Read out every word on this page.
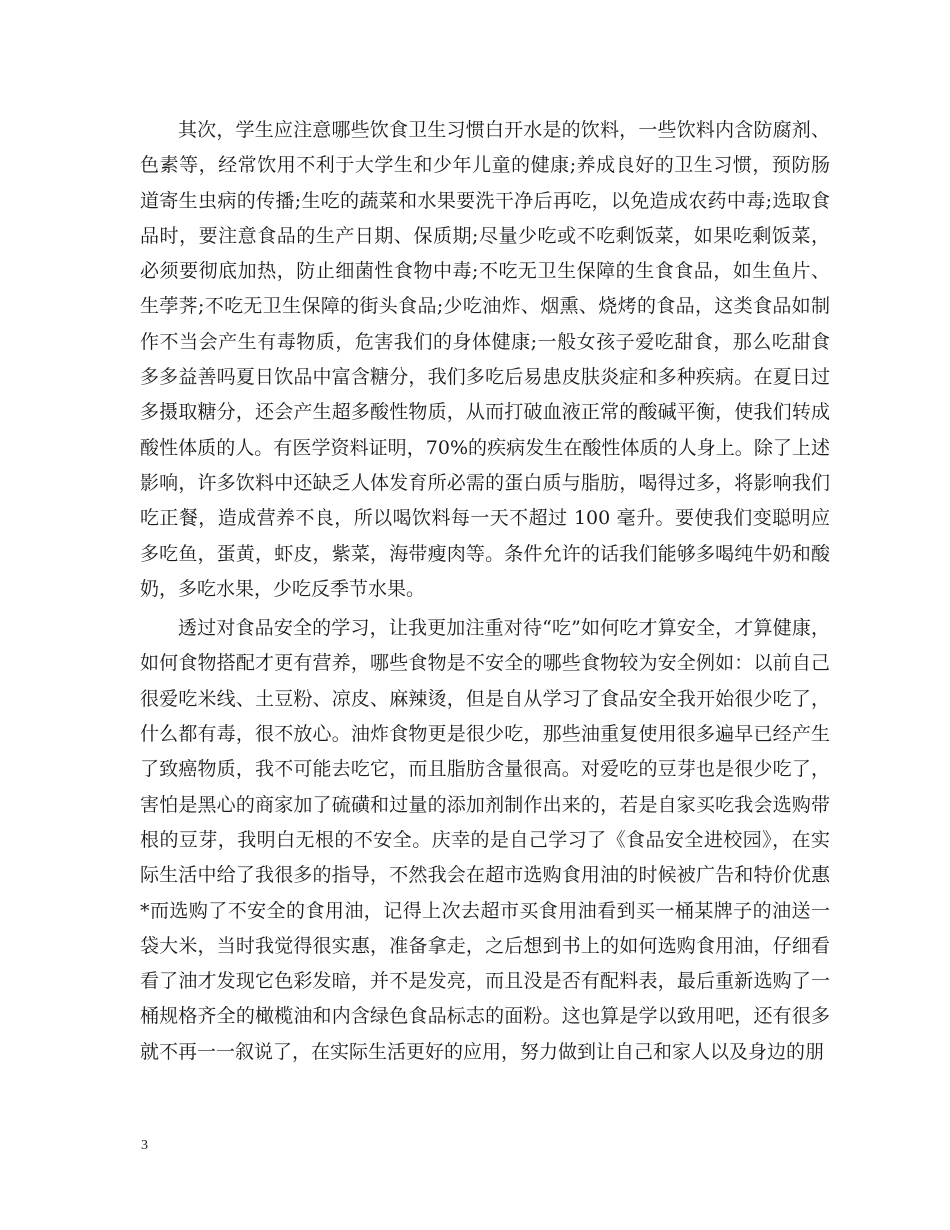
其次，学生应注意哪些饮食卫生习惯白开水是的饮料，一些饮料内含防腐剂、色素等，经常饮用不利于大学生和少年儿童的健康;养成良好的卫生习惯，预防肠道寄生虫病的传播;生吃的蔬菜和水果要洗干净后再吃，以免造成农药中毒;选取食品时，要注意食品的生产日期、保质期;尽量少吃或不吃剩饭菜，如果吃剩饭菜，必须要彻底加热，防止细菌性食物中毒;不吃无卫生保障的生食食品，如生鱼片、生荸荠;不吃无卫生保障的街头食品;少吃油炸、烟熏、烧烤的食品，这类食品如制作不当会产生有毒物质，危害我们的身体健康;一般女孩子爱吃甜食，那么吃甜食多多益善吗夏日饮品中富含糖分，我们多吃后易患皮肤炎症和多种疾病。在夏日过多摄取糖分，还会产生超多酸性物质，从而打破血液正常的酸碱平衡，使我们转成酸性体质的人。有医学资料证明，70%的疾病发生在酸性体质的人身上。除了上述影响，许多饮料中还缺乏人体发育所必需的蛋白质与脂肪，喝得过多，将影响我们吃正餐，造成营养不良，所以喝饮料每一天不超过 100 毫升。要使我们变聪明应多吃鱼，蛋黄，虾皮，紫菜，海带瘦肉等。条件允许的话我们能够多喝纯牛奶和酸奶，多吃水果，少吃反季节水果。

透过对食品安全的学习，让我更加注重对待“吃”如何吃才算安全，才算健康，如何食物搭配才更有营养，哪些食物是不安全的哪些食物较为安全例如：以前自己很爱吃米线、土豆粉、凉皮、麻辣烫，但是自从学习了食品安全我开始很少吃了，什么都有毒，很不放心。油炸食物更是很少吃，那些油重复使用很多遍早已经产生了致癌物质，我不可能去吃它，而且脂肪含量很高。对爱吃的豆芽也是很少吃了，害怕是黑心的商家加了硫磺和过量的添加剂制作出来的，若是自家买吃我会选购带根的豆芽，我明白无根的不安全。庆幸的是自己学习了《食品安全进校园》，在实际生活中给了我很多的指导，不然我会在超市选购食用油的时候被广告和特价优惠*而选购了不安全的食用油，记得上次去超市买食用油看到买一桶某牌子的油送一袋大米，当时我觉得很实惠，准备拿走，之后想到书上的如何选购食用油，仔细看看了油才发现它色彩发暗，并不是发亮，而且没是否有配料表，最后重新选购了一桶规格齐全的橄榄油和内含绿色食品标志的面粉。这也算是学以致用吧，还有很多就不再一一叙说了，在实际生活更好的应用，努力做到让自己和家人以及身边的朋

3
